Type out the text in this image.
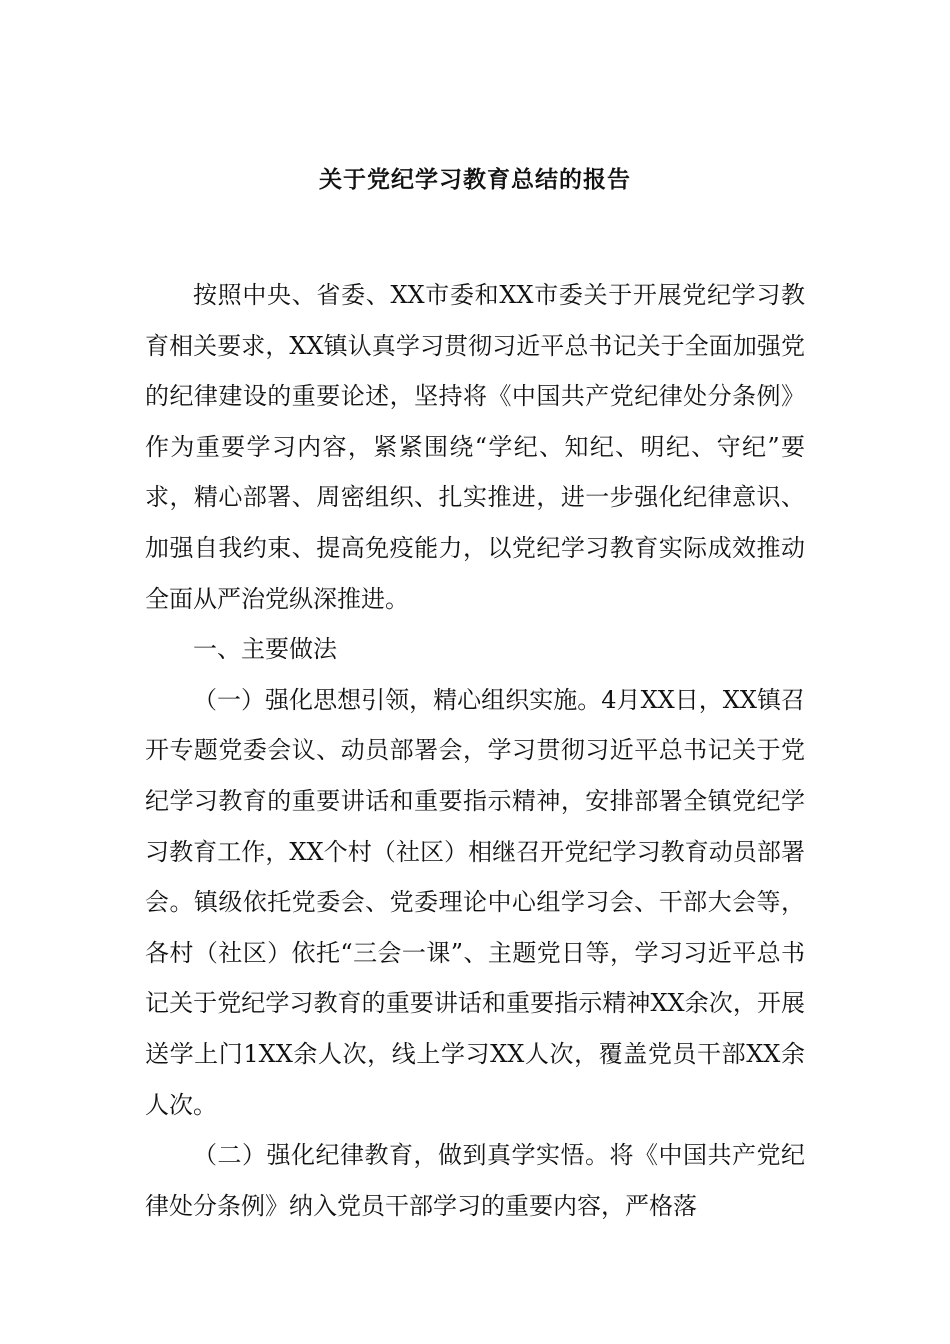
关于党纪学习教育总结的报告

按照中央、省委、XX市委和XX市委关于开展党纪学习教育相关要求，XX镇认真学习贯彻习近平总书记关于全面加强党的纪律建设的重要论述，坚持将《中国共产党纪律处分条例》作为重要学习内容，紧紧围绕“学纪、知纪、明纪、守纪”要求，精心部署、周密组织、扎实推进，进一步强化纪律意识、加强自我约束、提高免疫能力，以党纪学习教育实际成效推动全面从严治党纵深推进。

一、主要做法

（一）强化思想引领，精心组织实施。4月XX日，XX镇召开专题党委会议、动员部署会，学习贯彻习近平总书记关于党纪学习教育的重要讲话和重要指示精神，安排部署全镇党纪学习教育工作，XX个村（社区）相继召开党纪学习教育动员部署会。镇级依托党委会、党委理论中心组学习会、干部大会等，各村（社区）依托“三会一课”、主题党日等，学习习近平总书记关于党纪学习教育的重要讲话和重要指示精神XX余次，开展送学上门1XX余人次，线上学习XX人次，覆盖党员干部XX余人次。

（二）强化纪律教育，做到真学实悟。将《中国共产党纪律处分条例》纳入党员干部学习的重要内容，严格落
